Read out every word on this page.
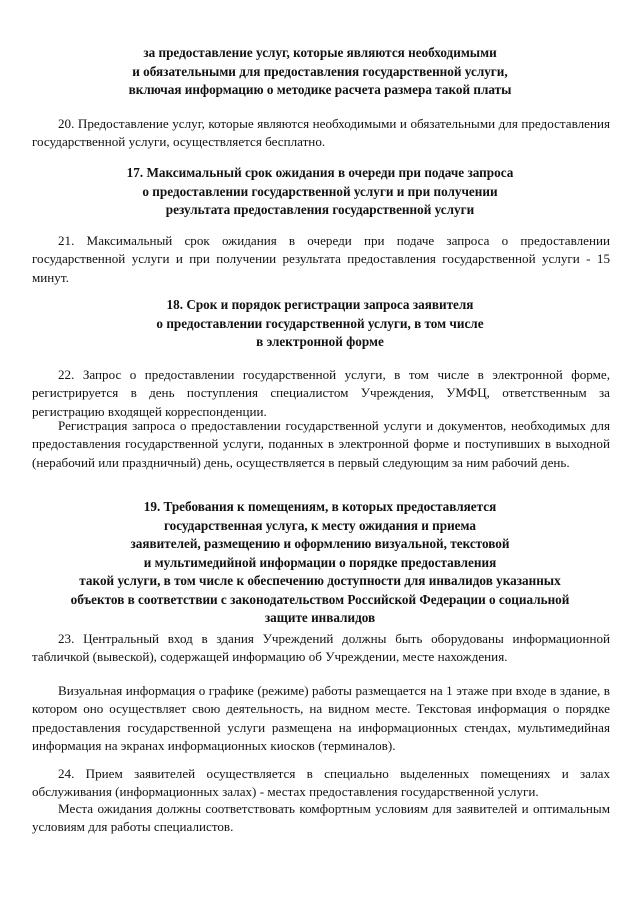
за предоставление услуг, которые являются необходимыми
и обязательными для предоставления государственной услуги,
включая информацию о методике расчета размера такой платы

20. Предоставление услуг, которые являются необходимыми и обязательными для предоставления государственной услуги, осуществляется бесплатно.

17. Максимальный срок ожидания в очереди при подаче запроса
о предоставлении государственной услуги и при получении
результата предоставления государственной услуги

21. Максимальный срок ожидания в очереди при подаче запроса о предоставлении государственной услуги и при получении результата предоставления государственной услуги - 15 минут.

18. Срок и порядок регистрации запроса заявителя
о предоставлении государственной услуги, в том числе
в электронной форме

22. Запрос о предоставлении государственной услуги, в том числе в электронной форме, регистрируется в день поступления специалистом Учреждения, УМФЦ, ответственным за регистрацию входящей корреспонденции.

Регистрация запроса о предоставлении государственной услуги и документов, необходимых для предоставления государственной услуги, поданных в электронной форме и поступивших в выходной (нерабочий или праздничный) день, осуществляется в первый следующим за ним рабочий день.

19. Требования к помещениям, в которых предоставляется
государственная услуга, к месту ожидания и приема
заявителей, размещению и оформлению визуальной, текстовой
и мультимедийной информации о порядке предоставления
такой услуги, в том числе к обеспечению доступности для инвалидов указанных
объектов в соответствии с законодательством Российской Федерации о социальной
защите инвалидов

23. Центральный вход в здания Учреждений должны быть оборудованы информационной табличкой (вывеской), содержащей информацию об Учреждении, месте нахождения.

Визуальная информация о графике (режиме) работы размещается на 1 этаже при входе в здание, в котором оно осуществляет свою деятельность, на видном месте. Текстовая информация о порядке предоставления государственной услуги размещена на информационных стендах, мультимедийная информация на экранах информационных киосков (терминалов).

24. Прием заявителей осуществляется в специально выделенных помещениях и залах обслуживания (информационных залах) - местах предоставления государственной услуги.

Места ожидания должны соответствовать комфортным условиям для заявителей и оптимальным условиям для работы специалистов.
